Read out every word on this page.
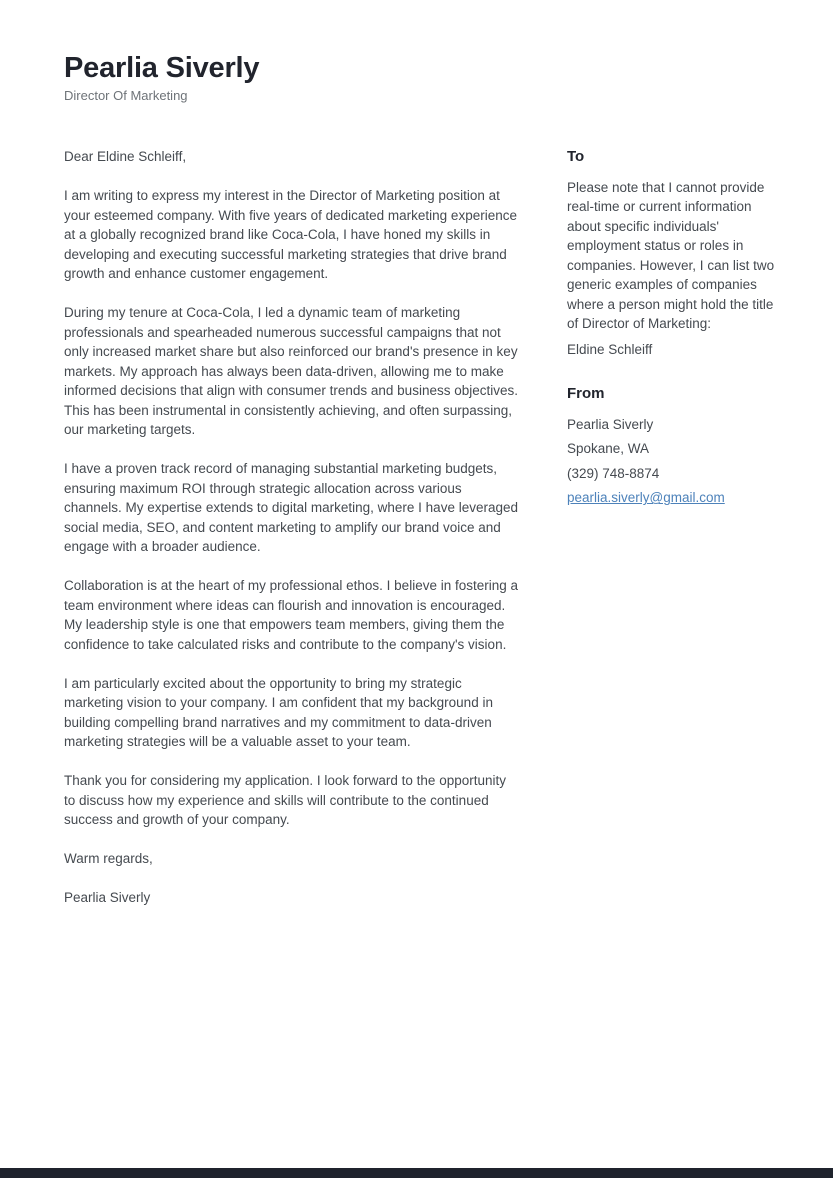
Pearlia Siverly
Director Of Marketing

Dear Eldine Schleiff,

I am writing to express my interest in the Director of Marketing position at your esteemed company. With five years of dedicated marketing experience at a globally recognized brand like Coca-Cola, I have honed my skills in developing and executing successful marketing strategies that drive brand growth and enhance customer engagement.

During my tenure at Coca-Cola, I led a dynamic team of marketing professionals and spearheaded numerous successful campaigns that not only increased market share but also reinforced our brand's presence in key markets. My approach has always been data-driven, allowing me to make informed decisions that align with consumer trends and business objectives. This has been instrumental in consistently achieving, and often surpassing, our marketing targets.

I have a proven track record of managing substantial marketing budgets, ensuring maximum ROI through strategic allocation across various channels. My expertise extends to digital marketing, where I have leveraged social media, SEO, and content marketing to amplify our brand voice and engage with a broader audience.

Collaboration is at the heart of my professional ethos. I believe in fostering a team environment where ideas can flourish and innovation is encouraged. My leadership style is one that empowers team members, giving them the confidence to take calculated risks and contribute to the company's vision.

I am particularly excited about the opportunity to bring my strategic marketing vision to your company. I am confident that my background in building compelling brand narratives and my commitment to data-driven marketing strategies will be a valuable asset to your team.

Thank you for considering my application. I look forward to the opportunity to discuss how my experience and skills will contribute to the continued success and growth of your company.

Warm regards,

Pearlia Siverly

To
Please note that I cannot provide real-time or current information about specific individuals' employment status or roles in companies. However, I can list two generic examples of companies where a person might hold the title of Director of Marketing:
Eldine Schleiff
From
Pearlia Siverly
Spokane, WA
(329) 748-8874
pearlia.siverly@gmail.com
